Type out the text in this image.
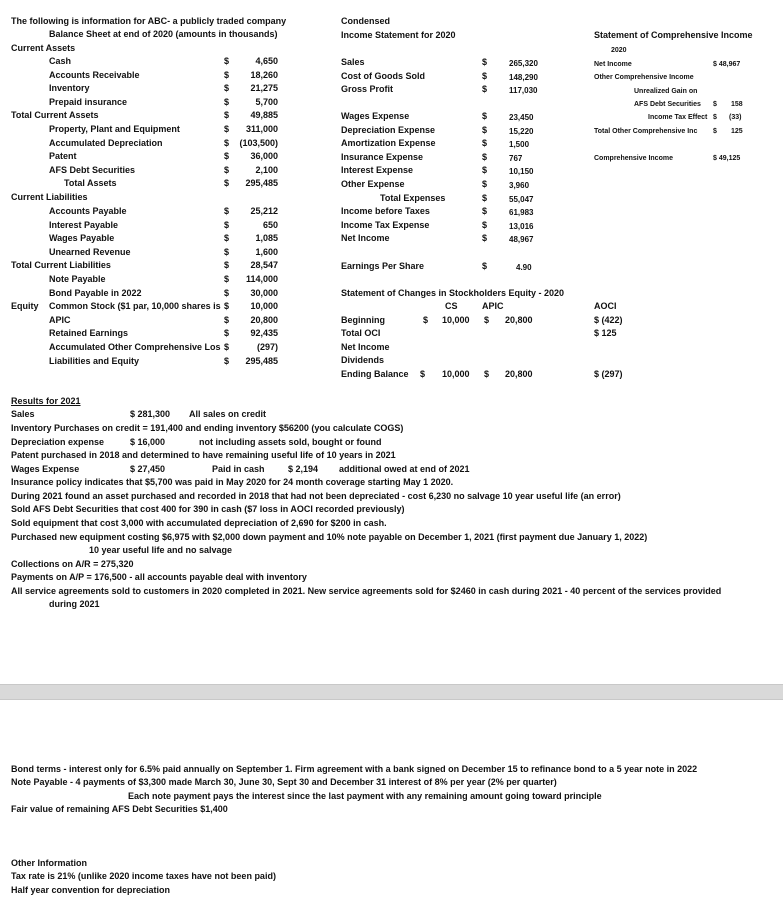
The following is information for ABC- a publicly traded company
Balance Sheet at end of 2020 (amounts in thousands)
Current Assets
Cash	$	4,650
Accounts Receivable	$	18,260
Inventory	$	21,275
Prepaid insurance	$	5,700
Total Current Assets	$	49,885
Property, Plant and Equipment	$	311,000
Accumulated Depreciation	$	(103,500)
Patent	$	36,000
AFS Debt Securities	$	2,100
Total Assets	$	295,485
Current Liabilities
Accounts Payable	$	25,212
Interest Payable	$	650
Wages Payable	$	1,085
Unearned Revenue	$	1,600
Total Current Liabilities	$	28,547
Note Payable	$	114,000
Bond Payable in 2022	$	30,000
Common Stock ($1 par, 10,000 shares is $	10,000
APIC	$	20,800
Retained Earnings	$	92,435
Accumulated Other Comprehensive Los $	(297)
Liabilities and Equity	$	295,485
Equity
Condensed
Income Statement for 2020
Sales	$	265,320
Cost of Goods Sold	$	148,290
Gross Profit	$	117,030
Wages Expense	$	23,450
Depreciation Expense	$	15,220
Amortization Expense	$	1,500
Insurance Expense	$	767
Interest Expense	$	10,150
Other Expense	$	3,960
Total Expenses	$	55,047
Income before Taxes	$	61,983
Income Tax Expense	$	13,016
Net Income	$	48,967
Earnings Per Share	$	4.90
Statement of Comprehensive Income
2020
Net Income	$ 48,967
Other Comprehensive Income
Unrealized Gain on
AFS Debt Securities $ 158
Income Tax Effect $ (33)
Total Other Comprehensive Inc $ 125
Comprehensive Income	$ 49,125
Statement of Changes in Stockholders Equity - 2020
CS	APIC	AOCI
Beginning	$ 10,000 $ 20,800	$ (422)
Total OCI	$ 125
Net Income
Dividends
Ending Balance $ 10,000 $ 20,800	$ (297)
Results for 2021
Sales	$ 281,300 All sales on credit
Inventory Purchases on credit = 191,400 and ending inventory $56200 (you calculate COGS)
Depreciation expense	$ 16,000	not including assets sold, bought or found
Patent purchased in 2018 and determined to have remaining useful life of 10 years in 2021
Wages Expense	$ 27,450	Paid in cash	$ 2,194 additional owed at end of 2021
Insurance policy indicates that $5,700 was paid in May 2020 for 24 month coverage starting May 1 2020.
During 2021 found an asset purchased and recorded in 2018 that had not been depreciated - cost 6,230 no salvage 10 year useful life (an error)
Sold AFS Debt Securities that cost 400 for 390 in cash ($7 loss in AOCI recorded previously)
Sold equipment that cost 3,000 with accumulated depreciation of 2,690 for $200 in cash.
Purchased new equipment costing $6,975 with $2,000 down payment and 10% note payable on December 1, 2021 (first payment due January 1, 2022)
10 year useful life and no salvage
Collections on A/R = 275,320
Payments on A/P = 176,500 - all accounts payable deal with inventory
All service agreements sold to customers in 2020 completed in 2021. New service agreements sold for $2460 in cash during 2021 - 40 percent of the services provided
during 2021
Bond terms - interest only for 6.5% paid annually on September 1. Firm agreement with a bank signed on December 15 to refinance bond to a 5 year note in 2022
Note Payable - 4 payments of $3,300 made March 30, June 30, Sept 30 and December 31 interest of 8% per year (2% per quarter)
Each note payment pays the interest since the last payment with any remaining amount going toward principle
Fair value of remaining AFS Debt Securities $1,400
Other Information
Tax rate is 21% (unlike 2020 income taxes have not been paid)
Half year convention for depreciation
